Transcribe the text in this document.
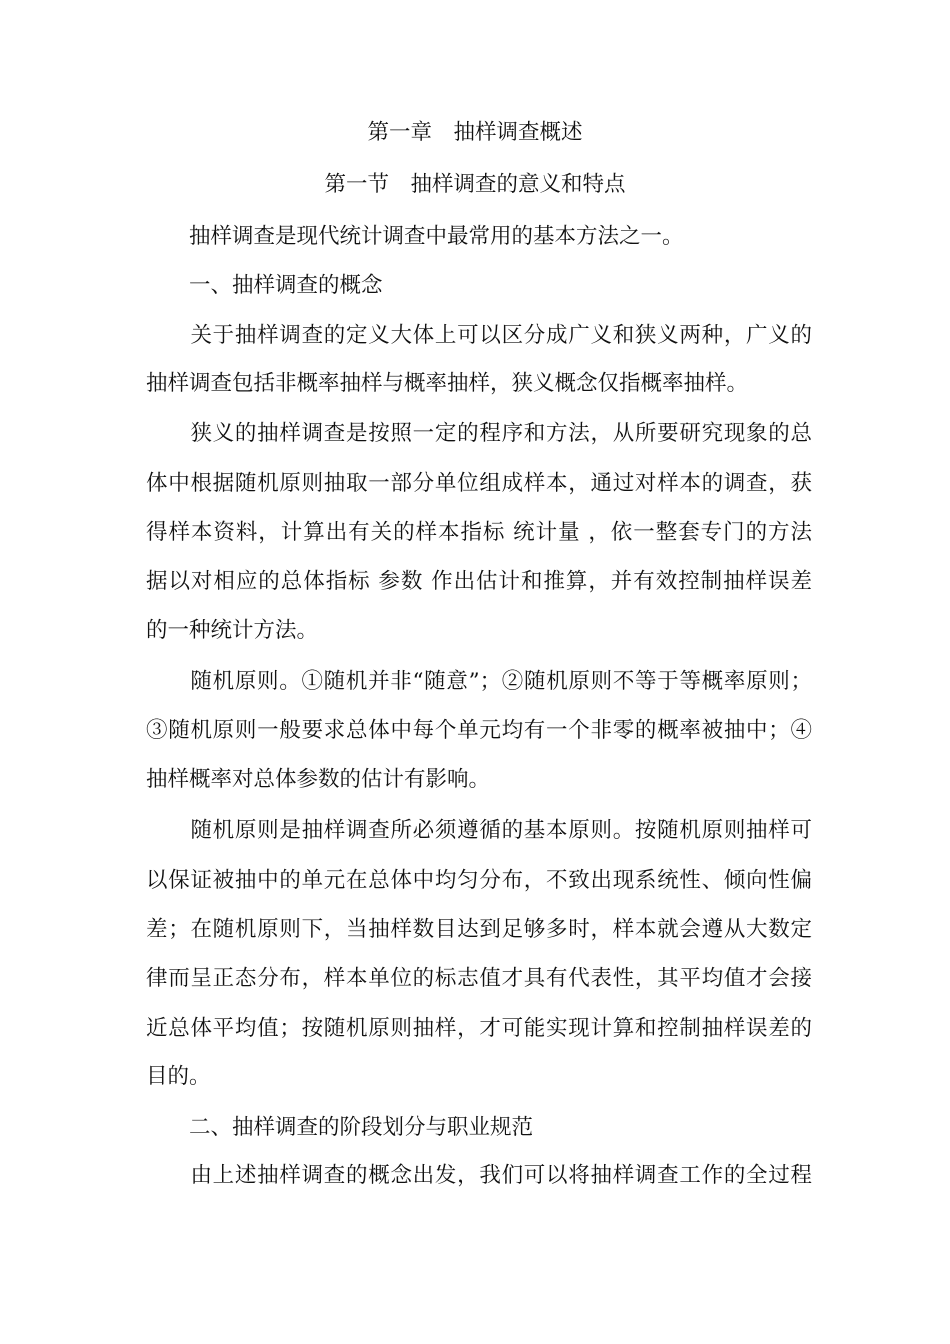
第一章　抽样调查概述
第一节　抽样调查的意义和特点
　　抽样调查是现代统计调查中最常用的基本方法之一。
　　一、抽样调查的概念
　　关于抽样调查的定义大体上可以区分成广义和狭义两种，广义的
抽样调查包括非概率抽样与概率抽样，狭义概念仅指概率抽样。
　　狭义的抽样调查是按照一定的程序和方法，从所要研究现象的总
体中根据随机原则抽取一部分单位组成样本，通过对样本的调查，获
得样本资料，计算出有关的样本指标 统计量 ，依一整套专门的方法
据以对相应的总体指标 参数 作出估计和推算，并有效控制抽样误差
的一种统计方法。
　　随机原则。①随机并非“随意”；②随机原则不等于等概率原则；
③随机原则一般要求总体中每个单元均有一个非零的概率被抽中；④
抽样概率对总体参数的估计有影响。
　　随机原则是抽样调查所必须遵循的基本原则。按随机原则抽样可
以保证被抽中的单元在总体中均匀分布，不致出现系统性、倾向性偏
差；在随机原则下，当抽样数目达到足够多时，样本就会遵从大数定
律而呈正态分布，样本单位的标志值才具有代表性，其平均值才会接
近总体平均值；按随机原则抽样，才可能实现计算和控制抽样误差的
目的。
　　二、抽样调查的阶段划分与职业规范
　　由上述抽样调查的概念出发，我们可以将抽样调查工作的全过程
